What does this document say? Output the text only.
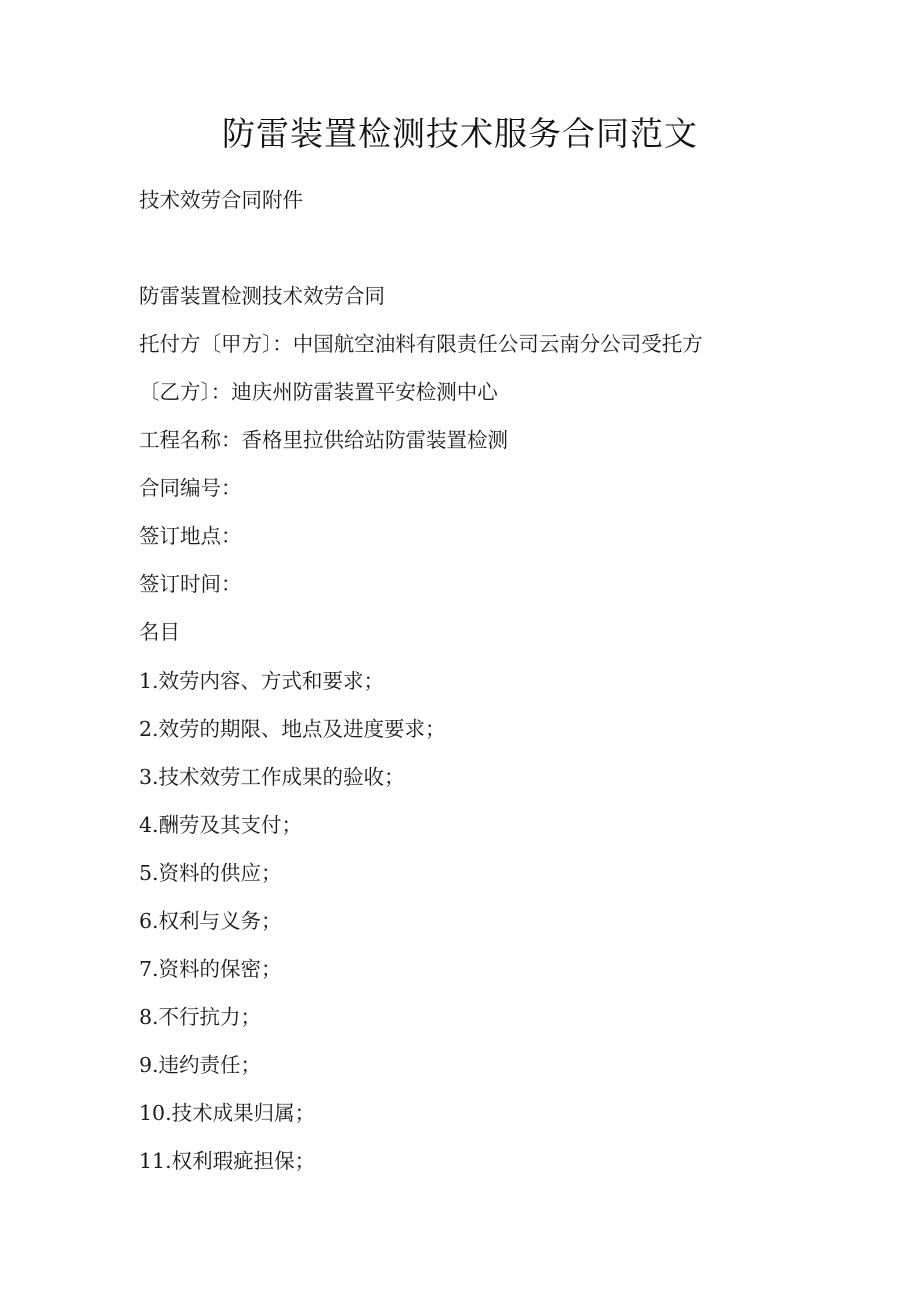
防雷装置检测技术服务合同范文
技术效劳合同附件
防雷装置检测技术效劳合同
托付方〔甲方〕：中国航空油料有限责任公司云南分公司受托方
〔乙方〕：迪庆州防雷装置平安检测中心
工程名称：香格里拉供给站防雷装置检测
合同编号：
签订地点：
签订时间：
名目
1.效劳内容、方式和要求；
2.效劳的期限、地点及进度要求；
3.技术效劳工作成果的验收；
4.酬劳及其支付；
5.资料的供应；
6.权利与义务；
7.资料的保密；
8.不行抗力；
9.违约责任；
10.技术成果归属；
11.权利瑕疵担保；
